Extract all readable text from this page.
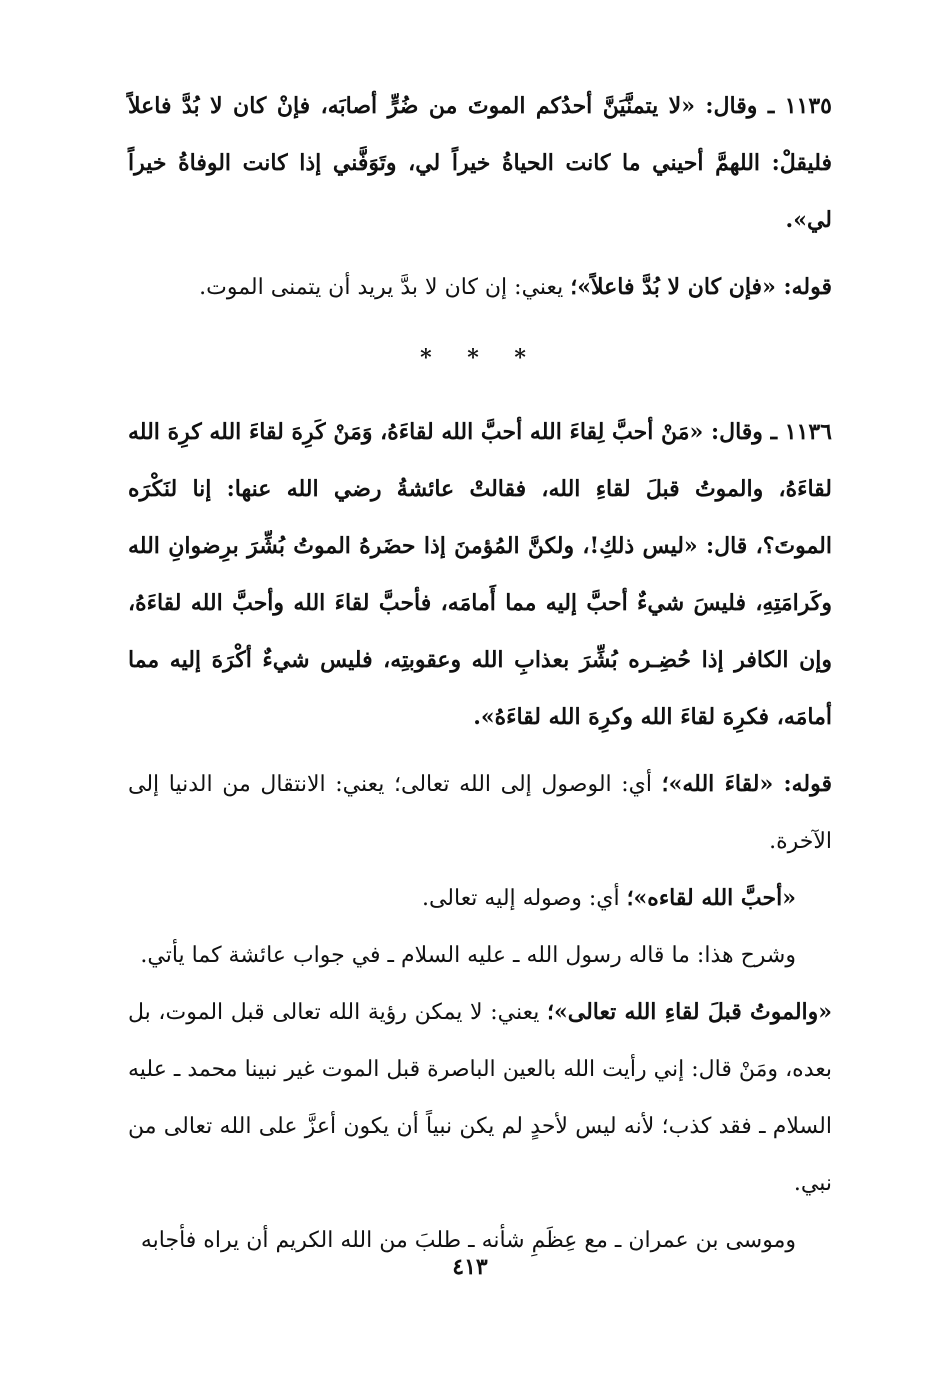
١١٣٥ ـ وقال: «لا يتمنَّيَنَّ أحدُكم الموتَ من ضُرٍّ أصابَه، فإنْ كان لا بُدَّ فاعلاً فليقلْ: اللهمَّ أحيني ما كانت الحياةُ خيراً لي، وتَوَفَّني إذا كانت الوفاةُ خيراً لي».

قوله: «فإن كان لا بُدَّ فاعلاً»؛ يعني: إن كان لا بدَّ يريد أن يتمنى الموت.

* * *

١١٣٦ ـ وقال: «مَنْ أحبَّ لِقاءَ الله أحبَّ الله لقاءَهُ، وَمَنْ كَرِهَ لقاءَ الله كرِهَ الله لقاءَهُ، والموتُ قبلَ لقاءِ الله، فقالتْ عائشةُ رضي الله عنها: إنا لنَكْرَه الموتَ؟، قال: «ليس ذلكِ!، ولكنَّ المُؤمنَ إذا حضَرهُ الموتُ بُشِّرَ برِضوانِ الله وكَرامَتِهِ، فليسَ شيءٌ أحبَّ إليه مما أَمامَه، فأحبَّ لقاءَ الله وأحبَّ الله لقاءَهُ، وإن الكافر إذا حُضِـره بُشِّرَ بعذابِ الله وعقوبتِه، فليس شيءٌ أكْرَهَ إليه مما أمامَه، فكرِهَ لقاءَ الله وكرِهَ الله لقاءَهُ».

قوله: «لقاءَ الله»؛ أي: الوصول إلى الله تعالى؛ يعني: الانتقال من الدنيا إلى الآخرة.

«أحبَّ الله لقاءه»؛ أي: وصوله إليه تعالى.

وشرح هذا: ما قاله رسول الله ـ عليه السلام ـ في جواب عائشة كما يأتي.

«والموتُ قبلَ لقاءِ الله تعالى»؛ يعني: لا يمكن رؤية الله تعالى قبل الموت، بل بعده، ومَنْ قال: إني رأيت الله بالعين الباصرة قبل الموت غير نبينا محمد ـ عليه السلام ـ فقد كذب؛ لأنه ليس لأحدٍ لم يكن نبياً أن يكون أعزَّ على الله تعالى من نبي.

وموسى بن عمران ـ مع عِظَمِ شأنه ـ طلبَ من الله الكريم أن يراه فأجابه

٤١٣
